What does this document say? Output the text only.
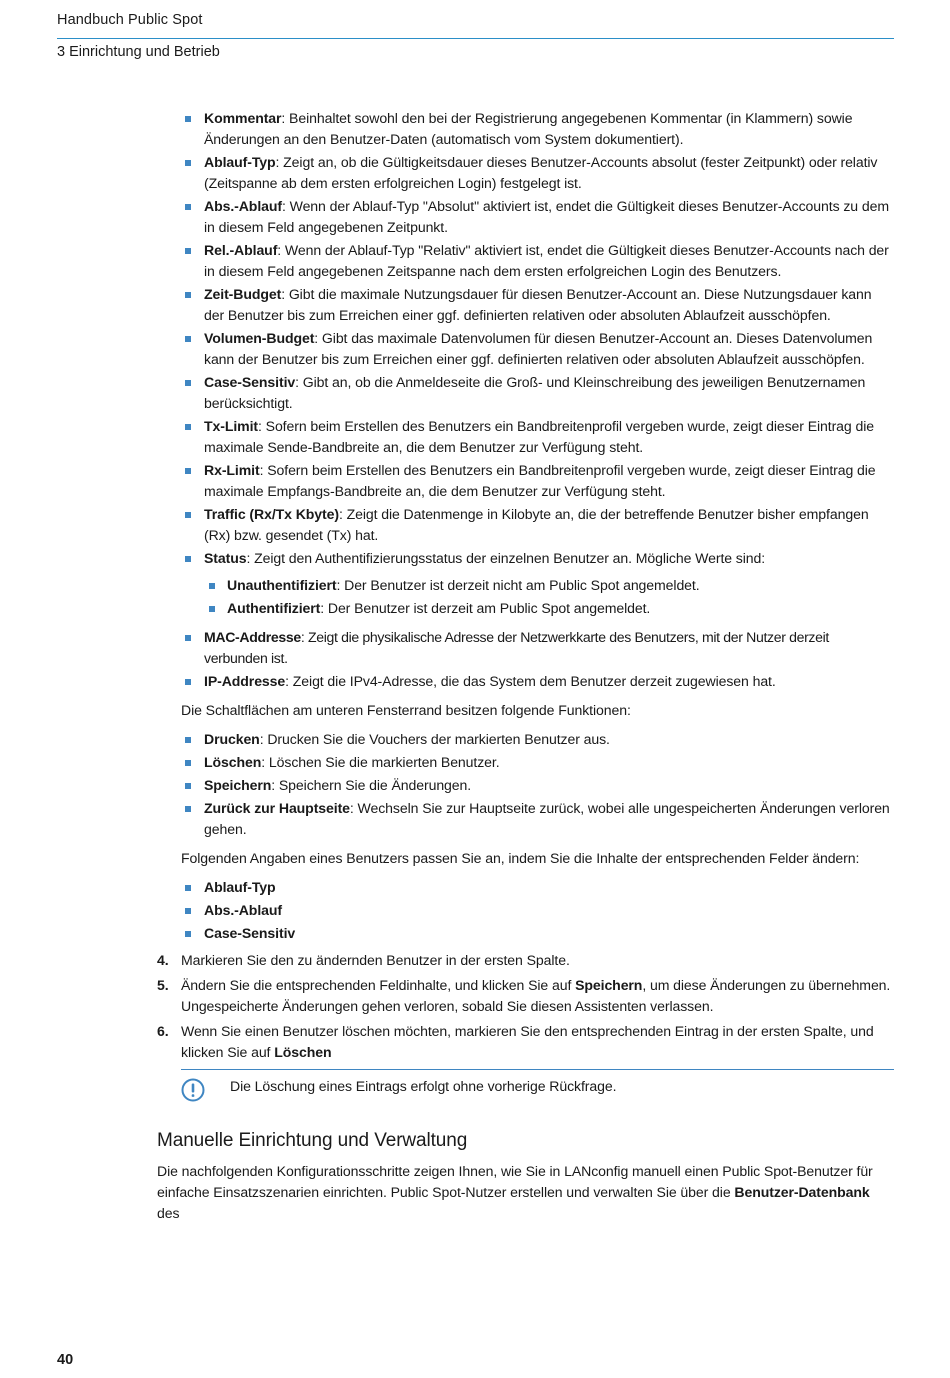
Handbuch Public Spot
3 Einrichtung und Betrieb
Kommentar: Beinhaltet sowohl den bei der Registrierung angegebenen Kommentar (in Klammern) sowie Änderungen an den Benutzer-Daten (automatisch vom System dokumentiert).
Ablauf-Typ: Zeigt an, ob die Gültigkeitsdauer dieses Benutzer-Accounts absolut (fester Zeitpunkt) oder relativ (Zeitspanne ab dem ersten erfolgreichen Login) festgelegt ist.
Abs.-Ablauf: Wenn der Ablauf-Typ "Absolut" aktiviert ist, endet die Gültigkeit dieses Benutzer-Accounts zu dem in diesem Feld angegebenen Zeitpunkt.
Rel.-Ablauf: Wenn der Ablauf-Typ "Relativ" aktiviert ist, endet die Gültigkeit dieses Benutzer-Accounts nach der in diesem Feld angegebenen Zeitspanne nach dem ersten erfolgreichen Login des Benutzers.
Zeit-Budget: Gibt die maximale Nutzungsdauer für diesen Benutzer-Account an. Diese Nutzungsdauer kann der Benutzer bis zum Erreichen einer ggf. definierten relativen oder absoluten Ablaufzeit ausschöpfen.
Volumen-Budget: Gibt das maximale Datenvolumen für diesen Benutzer-Account an. Dieses Datenvolumen kann der Benutzer bis zum Erreichen einer ggf. definierten relativen oder absoluten Ablaufzeit ausschöpfen.
Case-Sensitiv: Gibt an, ob die Anmeldeseite die Groß- und Kleinschreibung des jeweiligen Benutzernamen berücksichtigt.
Tx-Limit: Sofern beim Erstellen des Benutzers ein Bandbreitenprofil vergeben wurde, zeigt dieser Eintrag die maximale Sende-Bandbreite an, die dem Benutzer zur Verfügung steht.
Rx-Limit: Sofern beim Erstellen des Benutzers ein Bandbreitenprofil vergeben wurde, zeigt dieser Eintrag die maximale Empfangs-Bandbreite an, die dem Benutzer zur Verfügung steht.
Traffic (Rx/Tx Kbyte): Zeigt die Datenmenge in Kilobyte an, die der betreffende Benutzer bisher empfangen (Rx) bzw. gesendet (Tx) hat.
Status: Zeigt den Authentifizierungsstatus der einzelnen Benutzer an. Mögliche Werte sind:
Unauthentifiziert: Der Benutzer ist derzeit nicht am Public Spot angemeldet.
Authentifiziert: Der Benutzer ist derzeit am Public Spot angemeldet.
MAC-Addresse: Zeigt die physikalische Adresse der Netzwerkkarte des Benutzers, mit der Nutzer derzeit verbunden ist.
IP-Addresse: Zeigt die IPv4-Adresse, die das System dem Benutzer derzeit zugewiesen hat.

Die Schaltflächen am unteren Fensterrand besitzen folgende Funktionen:

Drucken: Drucken Sie die Vouchers der markierten Benutzer aus.
Löschen: Löschen Sie die markierten Benutzer.
Speichern: Speichern Sie die Änderungen.
Zurück zur Hauptseite: Wechseln Sie zur Hauptseite zurück, wobei alle ungespeicherten Änderungen verloren gehen.

Folgenden Angaben eines Benutzers passen Sie an, indem Sie die Inhalte der entsprechenden Felder ändern:

Ablauf-Typ
Abs.-Ablauf
Case-Sensitiv
4. Markieren Sie den zu ändernden Benutzer in der ersten Spalte.
5. Ändern Sie die entsprechenden Feldinhalte, und klicken Sie auf Speichern, um diese Änderungen zu übernehmen. Ungespeicherte Änderungen gehen verloren, sobald Sie diesen Assistenten verlassen.
6. Wenn Sie einen Benutzer löschen möchten, markieren Sie den entsprechenden Eintrag in der ersten Spalte, und klicken Sie auf Löschen
Die Löschung eines Eintrags erfolgt ohne vorherige Rückfrage.
Manuelle Einrichtung und Verwaltung

Die nachfolgenden Konfigurationsschritte zeigen Ihnen, wie Sie in LANconfig manuell einen Public Spot-Benutzer für einfache Einsatzszenarien einrichten. Public Spot-Nutzer erstellen und verwalten Sie über die Benutzer-Datenbank des

40
